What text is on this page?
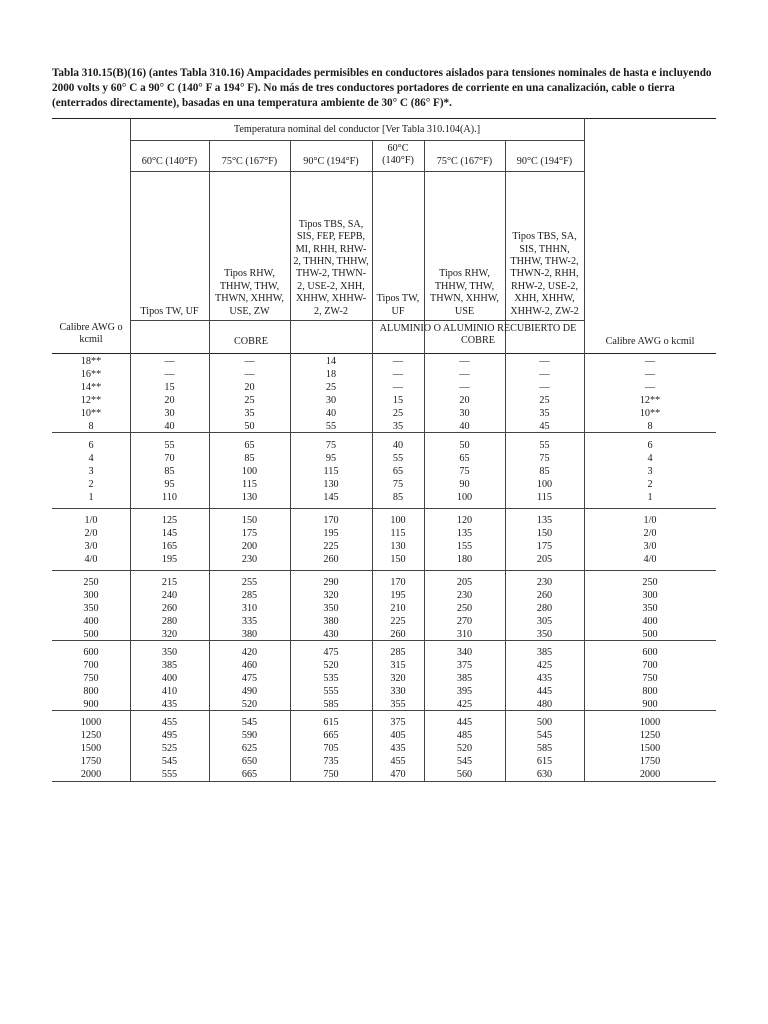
Tabla 310.15(B)(16) (antes Tabla 310.16) Ampacidades permisibles en conductores aislados para tensiones nominales de hasta e incluyendo 2000 volts y 60° C a 90° C (140° F a 194° F). No más de tres conductores portadores de corriente en una canalización, cable o tierra (enterrados directamente), basadas en una temperatura ambiente de 30° C (86° F)*.
Temperatura nominal del conductor [Ver Tabla 310.104(A).]
60°C (140°F)	75°C (167°F)	90°C (194°F)
60°C (140°F)	75°C (167°F)	90°C (194°F)
Tipos TW, UF
Tipos RHW, THHW, THW, THWN, XHHW, USE, ZW
Tipos TBS, SA, SIS, FEP, FEPB, MI, RHH, RHW-2, THHN, THHW, THW-2, THWN-2, USE-2, XHH, XHHW, XHHW-2, ZW-2
Tipos TW, UF
Tipos RHW, THHW, THW, THWN, XHHW, USE
Tipos TBS, SA, SIS, THHN, THHW, THW-2, THWN-2, RHH, RHW-2, USE-2, XHH, XHHW, XHHW-2, ZW-2
Calibre AWG o kcmil	COBRE
ALUMINIO O ALUMINIO RECUBIERTO DE COBRE	Calibre AWG o kcmil
18**	—	—	14	—	—	—	—
16**	—	—	18	—	—	—	—
14**	15	20	25	—	—	—	—
12**	20	25	30	15	20	25	12**
10**	30	35	40	25	30	35	10**
8	40	50	55	35	40	45	8
6	55	65	75	40	50	55	6
4	70	85	95	55	65	75	4
3	85	100	115	65	75	85	3
2	95	115	130	75	90	100	2
1	110	130	145	85	100	115	1
1/0	125	150	170	100	120	135	1/0
2/0	145	175	195	115	135	150	2/0
3/0	165	200	225	130	155	175	3/0
4/0	195	230	260	150	180	205	4/0
250	215	255	290	170	205	230	250
300	240	285	320	195	230	260	300
350	260	310	350	210	250	280	350
400	280	335	380	225	270	305	400
500	320	380	430	260	310	350	500
600	350	420	475	285	340	385	600
700	385	460	520	315	375	425	700
750	400	475	535	320	385	435	750
800	410	490	555	330	395	445	800
900	435	520	585	355	425	480	900
1000	455	545	615	375	445	500	1000
1250	495	590	665	405	485	545	1250
1500	525	625	705	435	520	585	1500
1750	545	650	735	455	545	615	1750
2000	555	665	750	470	560	630	2000
